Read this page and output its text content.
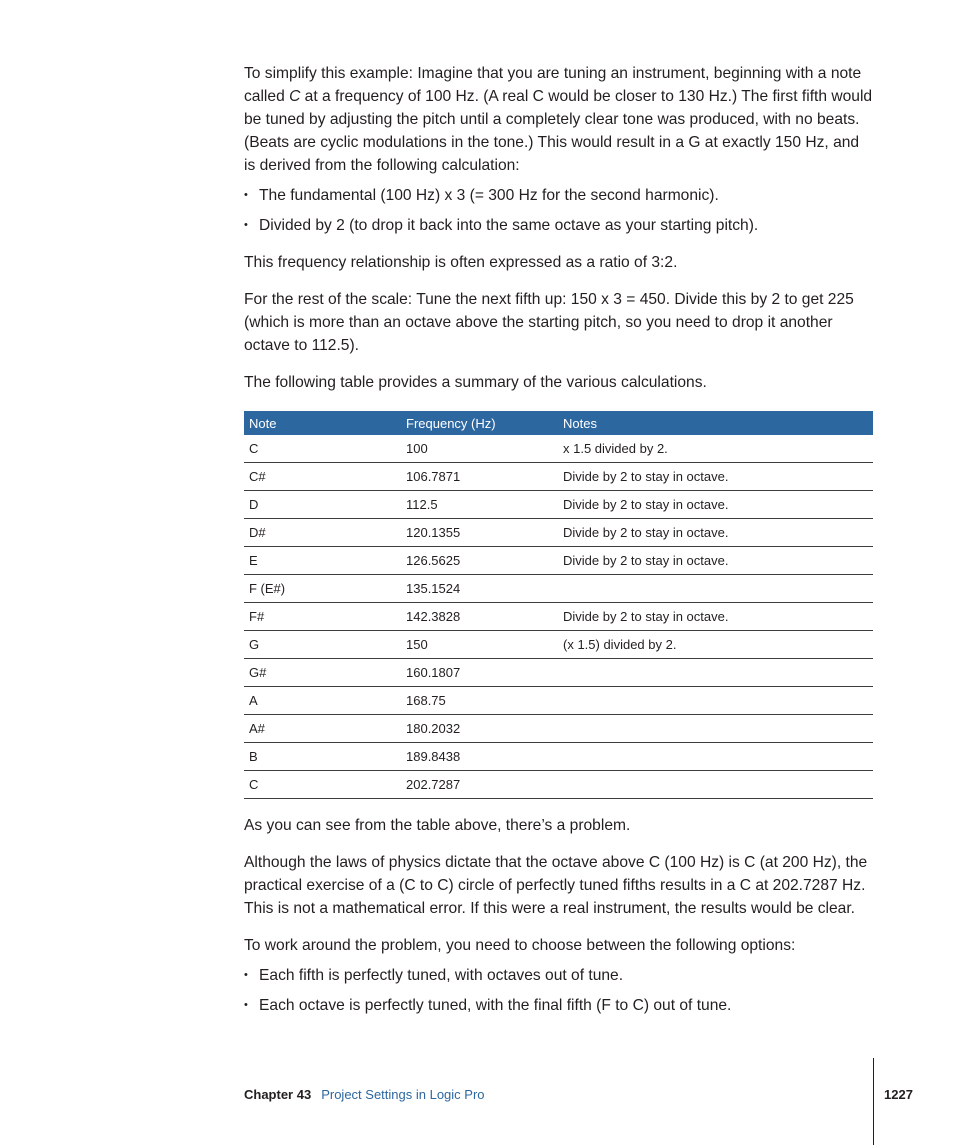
To simplify this example: Imagine that you are tuning an instrument, beginning with a note called C at a frequency of 100 Hz. (A real C would be closer to 130 Hz.) The first fifth would be tuned by adjusting the pitch until a completely clear tone was produced, with no beats. (Beats are cyclic modulations in the tone.) This would result in a G at exactly 150 Hz, and is derived from the following calculation:

• The fundamental (100 Hz) x 3 (= 300 Hz for the second harmonic).
• Divided by 2 (to drop it back into the same octave as your starting pitch).

This frequency relationship is often expressed as a ratio of 3:2.

For the rest of the scale: Tune the next fifth up: 150 x 3 = 450. Divide this by 2 to get 225 (which is more than an octave above the starting pitch, so you need to drop it another octave to 112.5).

The following table provides a summary of the various calculations.

Note	Frequency (Hz)	Notes
C	100	x 1.5 divided by 2.
C#	106.7871	Divide by 2 to stay in octave.
D	112.5	Divide by 2 to stay in octave.
D#	120.1355	Divide by 2 to stay in octave.
E	126.5625	Divide by 2 to stay in octave.
F (E#)	135.1524	
F#	142.3828	Divide by 2 to stay in octave.
G	150	(x 1.5) divided by 2.
G#	160.1807	
A	168.75	
A#	180.2032	
B	189.8438	
C	202.7287	

As you can see from the table above, there’s a problem.

Although the laws of physics dictate that the octave above C (100 Hz) is C (at 200 Hz), the practical exercise of a (C to C) circle of perfectly tuned fifths results in a C at 202.7287 Hz. This is not a mathematical error. If this were a real instrument, the results would be clear.

To work around the problem, you need to choose between the following options:

• Each fifth is perfectly tuned, with octaves out of tune.
• Each octave is perfectly tuned, with the final fifth (F to C) out of tune.
Chapter 43 Project Settings in Logic Pro	1227
